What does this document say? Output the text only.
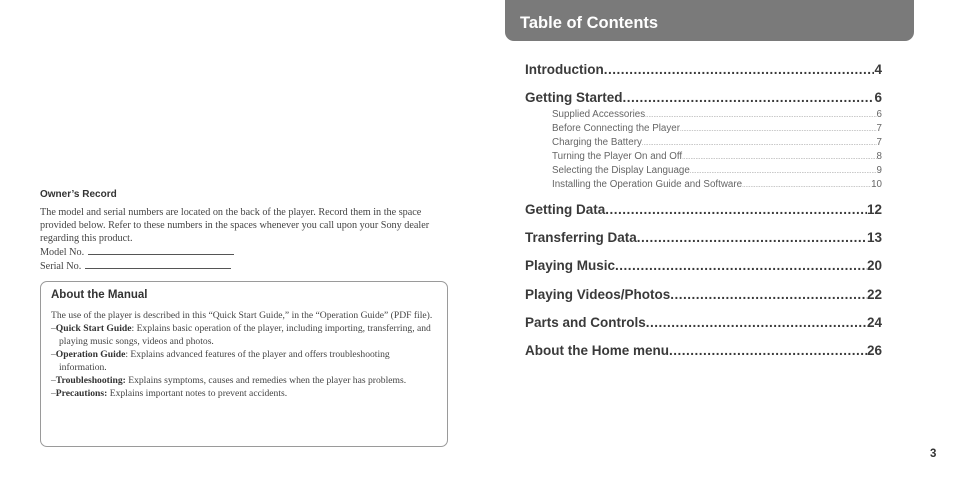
Owner’s Record

The model and serial numbers are located on the back of the player. Record them in the space provided below. Refer to these numbers in the spaces whenever you call upon your Sony dealer regarding this product.

Model No.

Serial No.

About the Manual

The use of the player is described in this “Quick Start Guide,” in the “Operation Guide” (PDF file).

–Quick Start Guide: Explains basic operation of the player, including importing, transferring, and playing music songs, videos and photos.
–Operation Guide: Explains advanced features of the player and offers troubleshooting information.
–Troubleshooting: Explains symptoms, causes and remedies when the player has problems.
–Precautions: Explains important notes to prevent accidents.
Table of Contents
Introduction .....	4
Getting Started .....	6
Supplied Accessories .....	6
Before Connecting the Player .....	7
Charging the Battery .....	7
Turning the Player On and Off .....	8
Selecting the Display Language .....	9
Installing the Operation Guide and Software .....	10
Getting Data .....	12
Transferring Data .....	13
Playing Music .....	20
Playing Videos/Photos .....	22
Parts and Controls .....	24
About the Home menu .....	26
3
